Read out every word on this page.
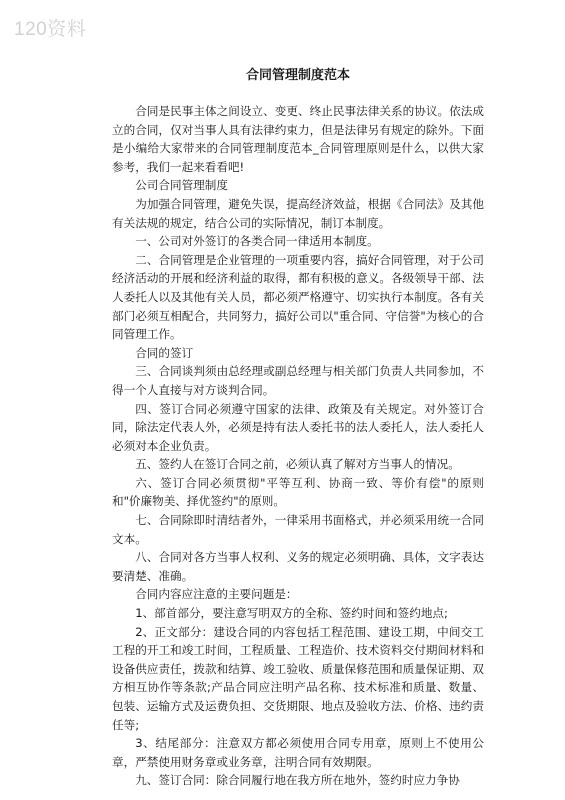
120资料
合同管理制度范本

合同是民事主体之间设立、变更、终止民事法律关系的协议。依法成立的合同，仅对当事人具有法律约束力，但是法律另有规定的除外。下面是小编给大家带来的合同管理制度范本_合同管理原则是什么，以供大家参考，我们一起来看看吧!

公司合同管理制度

为加强合同管理，避免失误，提高经济效益，根据《合同法》及其他有关法规的规定，结合公司的实际情况，制订本制度。

一、公司对外签订的各类合同一律适用本制度。

二、合同管理是企业管理的一项重要内容，搞好合同管理，对于公司经济活动的开展和经济利益的取得，都有积极的意义。各级领导干部、法人委托人以及其他有关人员，都必须严格遵守、切实执行本制度。各有关部门必须互相配合，共同努力，搞好公司以"重合同、守信誉"为核心的合同管理工作。

合同的签订

三、合同谈判须由总经理或副总经理与相关部门负责人共同参加，不得一个人直接与对方谈判合同。

四、签订合同必须遵守国家的法律、政策及有关规定。对外签订合同，除法定代表人外，必须是持有法人委托书的法人委托人，法人委托人必须对本企业负责。

五、签约人在签订合同之前，必须认真了解对方当事人的情况。

六、签订合同必须贯彻"平等互利、协商一致、等价有偿"的原则和"价廉物美、择优签约"的原则。

七、合同除即时清结者外，一律采用书面格式，并必须采用统一合同文本。

八、合同对各方当事人权利、义务的规定必须明确、具体，文字表达要清楚、准确。

合同内容应注意的主要问题是：

1、部首部分，要注意写明双方的全称、签约时间和签约地点;

2、正文部分：建设合同的内容包括工程范围、建设工期，中间交工工程的开工和竣工时间，工程质量、工程造价、技术资料交付期间材料和设备供应责任，拨款和结算、竣工验收、质量保修范围和质量保证期、双方相互协作等条款;产品合同应注明产品名称、技术标准和质量、数量、包装、运输方式及运费负担、交货期限、地点及验收方法、价格、违约责任等;

3、结尾部分：注意双方都必须使用合同专用章，原则上不使用公章，严禁使用财务章或业务章，注明合同有效期限。

九、签订合同：除合同履行地在我方所在地外，签约时应力争协
